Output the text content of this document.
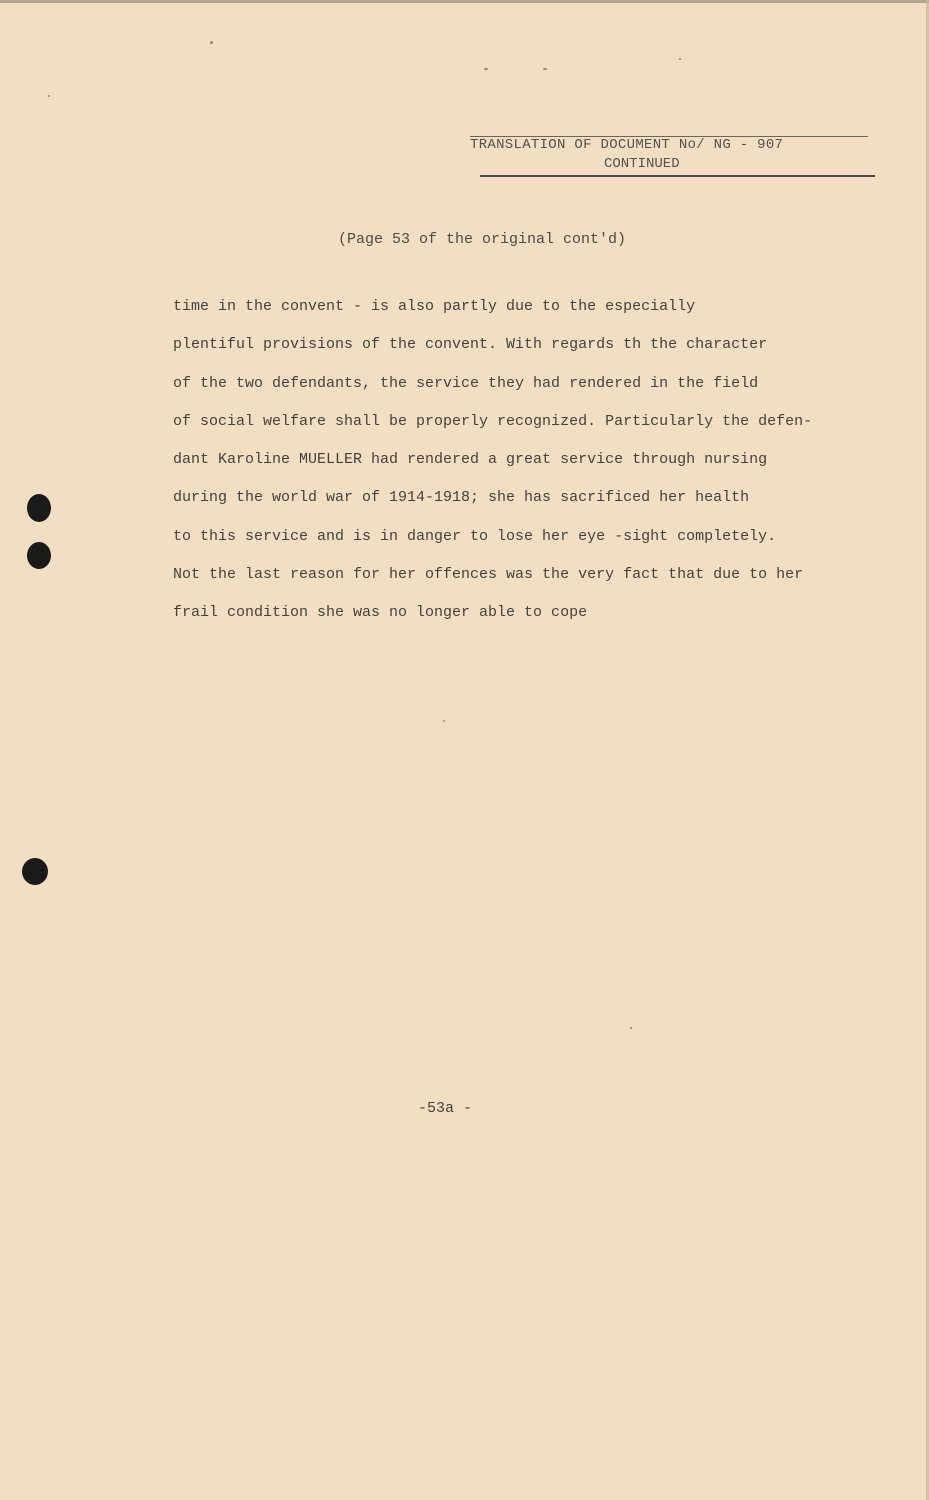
TRANSLATION OF DOCUMENT No/ NG - 907
CONTINUED
(Page 53 of the original cont'd)
time in the convent - is also partly due to the especially
plentiful provisions of the convent. With regards th the character
of the two defendants, the service they had rendered in the field
of social welfare shall be properly recognized. Particularly the defen-
dant Karoline MUELLER had rendered a great service through nursing
during the world war of 1914-1918; she has sacrificed her health
to this service and is in danger to lose her eye -sight completely.
Not the last reason for her offences was the very fact that due to her
frail condition she was no longer able to cope
-53a -
